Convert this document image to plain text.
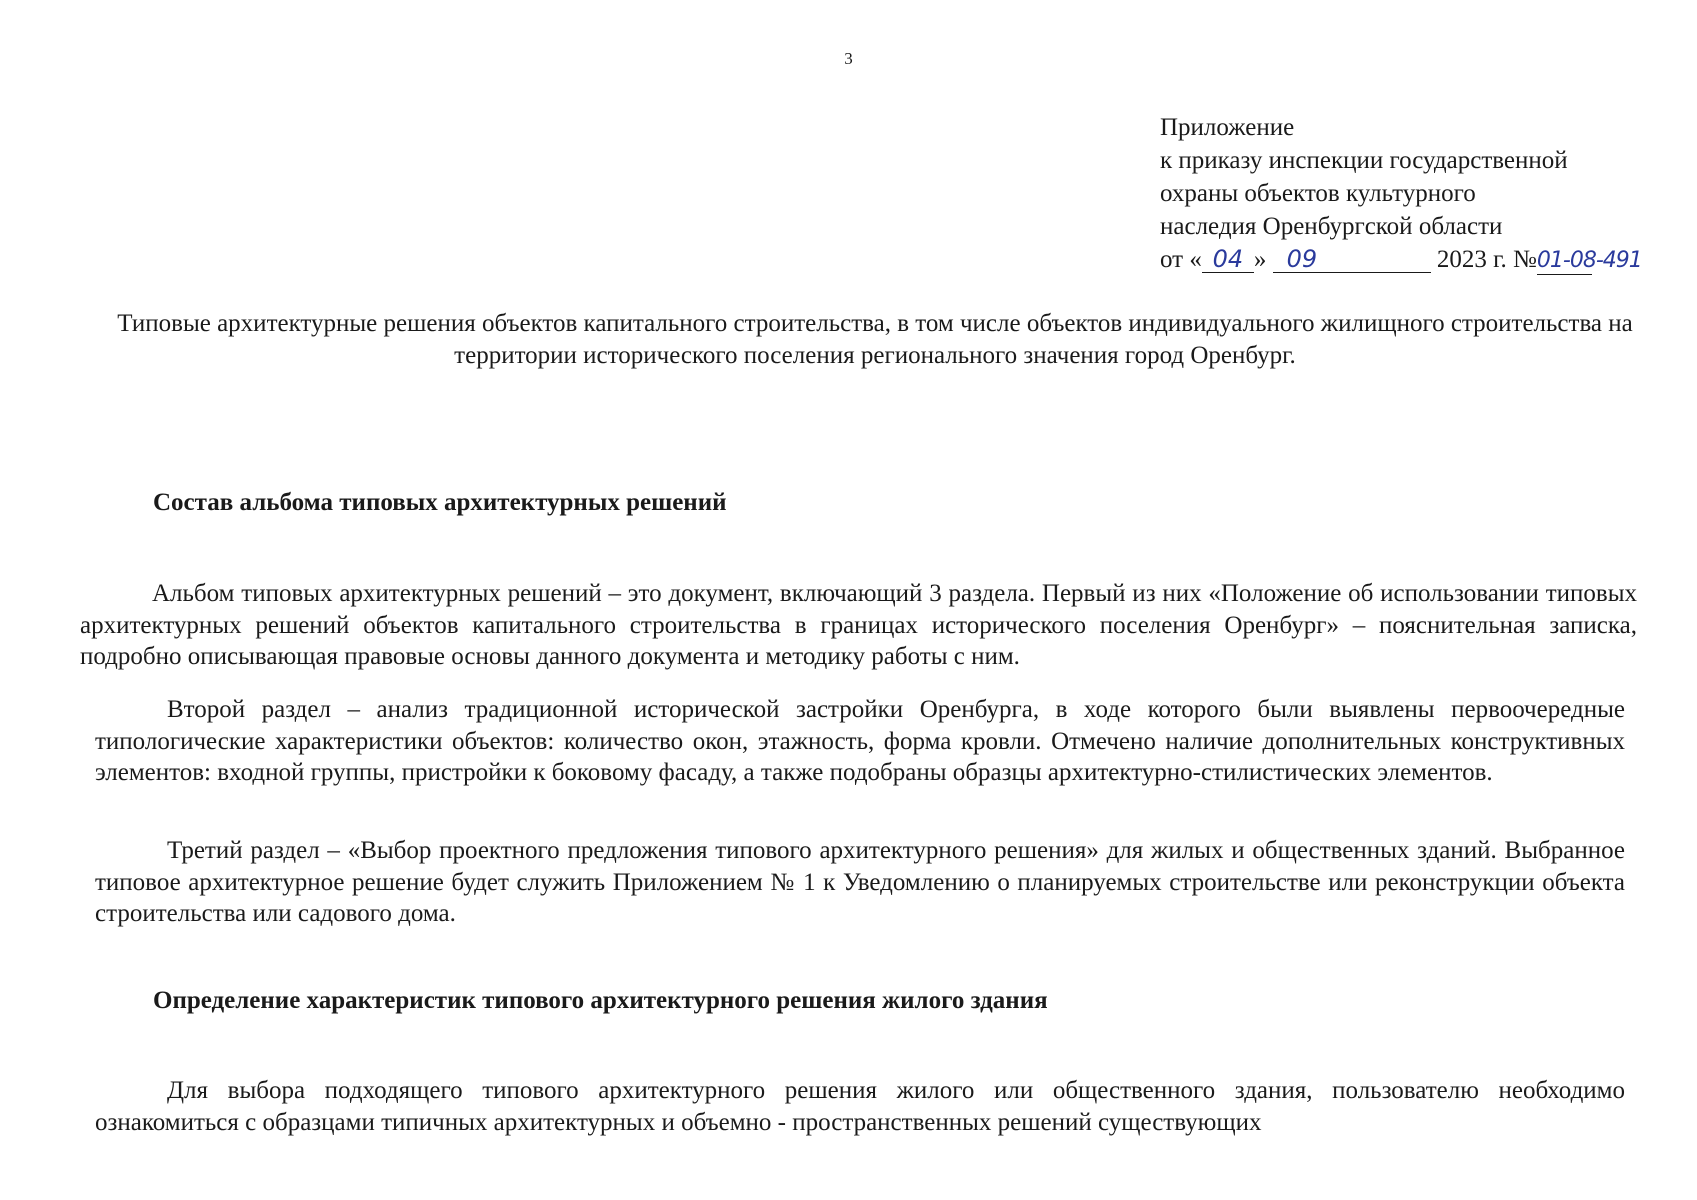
3
Приложение
к приказу инспекции государственной
охраны объектов культурного
наследия Оренбургской области
от « 04 » 09	2023 г. №01-08-491
Типовые архитектурные решения объектов капитального строительства, в том числе объектов индивидуального жилищного строительства на территории исторического поселения регионального значения город Оренбург.
Состав альбома типовых архитектурных решений

Альбом типовых архитектурных решений – это документ, включающий 3 раздела. Первый из них «Положение об использовании типовых архитектурных решений объектов капитального строительства в границах исторического поселения Оренбург» – пояснительная записка, подробно описывающая правовые основы данного документа и методику работы с ним.

Второй раздел – анализ традиционной исторической застройки Оренбурга, в ходе которого были выявлены первоочередные типологические характеристики объектов: количество окон, этажность, форма кровли. Отмечено наличие дополнительных конструктивных элементов: входной группы, пристройки к боковому фасаду, а также подобраны образцы архитектурно-стилистических элементов.

Третий раздел – «Выбор проектного предложения типового архитектурного решения» для жилых и общественных зданий. Выбранное типовое архитектурное решение будет служить Приложением № 1 к Уведомлению о планируемых строительстве или реконструкции объекта строительства или садового дома.

Определение характеристик типового архитектурного решения жилого здания

Для выбора подходящего типового архитектурного решения жилого или общественного здания, пользователю необходимо ознакомиться с образцами типичных архитектурных и объемно - пространственных решений существующих
